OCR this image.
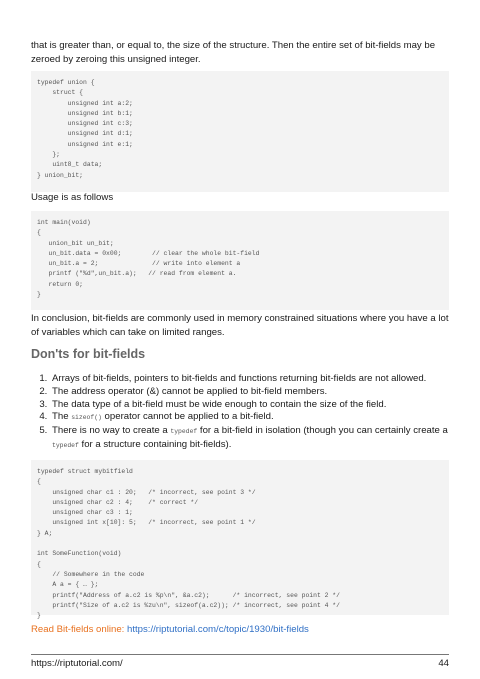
that is greater than, or equal to, the size of the structure. Then the entire set of bit-fields may be zeroed by zeroing this unsigned integer.

typedef union {
struct {
unsigned int a:2;
unsigned int b:1;
unsigned int c:3;
unsigned int d:1;
unsigned int e:1;
};
uint8_t data;
} union_bit;

Usage is as follows

int main(void)
{
union_bit un_bit;
un_bit.data = 0x00;        // clear the whole bit-field
un_bit.a = 2;              // write into element a
printf ("%d",un_bit.a);   // read from element a.
return 0;
}

In conclusion, bit-fields are commonly used in memory constrained situations where you have a lot of variables which can take on limited ranges.

Don'ts for bit-fields
1. Arrays of bit-fields, pointers to bit-fields and functions returning bit-fields are not allowed.
2. The address operator (&) cannot be applied to bit-field members.
3. The data type of a bit-field must be wide enough to contain the size of the field.
4. The sizeof() operator cannot be applied to a bit-field.
5. There is no way to create a typedef for a bit-field in isolation (though you can certainly create a typedef for a structure containing bit-fields).
typedef struct mybitfield
{
unsigned char c1 : 20;   /* incorrect, see point 3 */
unsigned char c2 : 4;    /* correct */
unsigned char c3 : 1;
unsigned int x[10]: 5;   /* incorrect, see point 1 */
} A;

int SomeFunction(void)
{
// Somewhere in the code
A a = { … };
printf("Address of a.c2 is %p\n", &a.c2);      /* incorrect, see point 2 */
printf("Size of a.c2 is %zu\n", sizeof(a.c2)); /* incorrect, see point 4 */
}

Read Bit-fields online: https://riptutorial.com/c/topic/1930/bit-fields

https://riptutorial.com/	44
